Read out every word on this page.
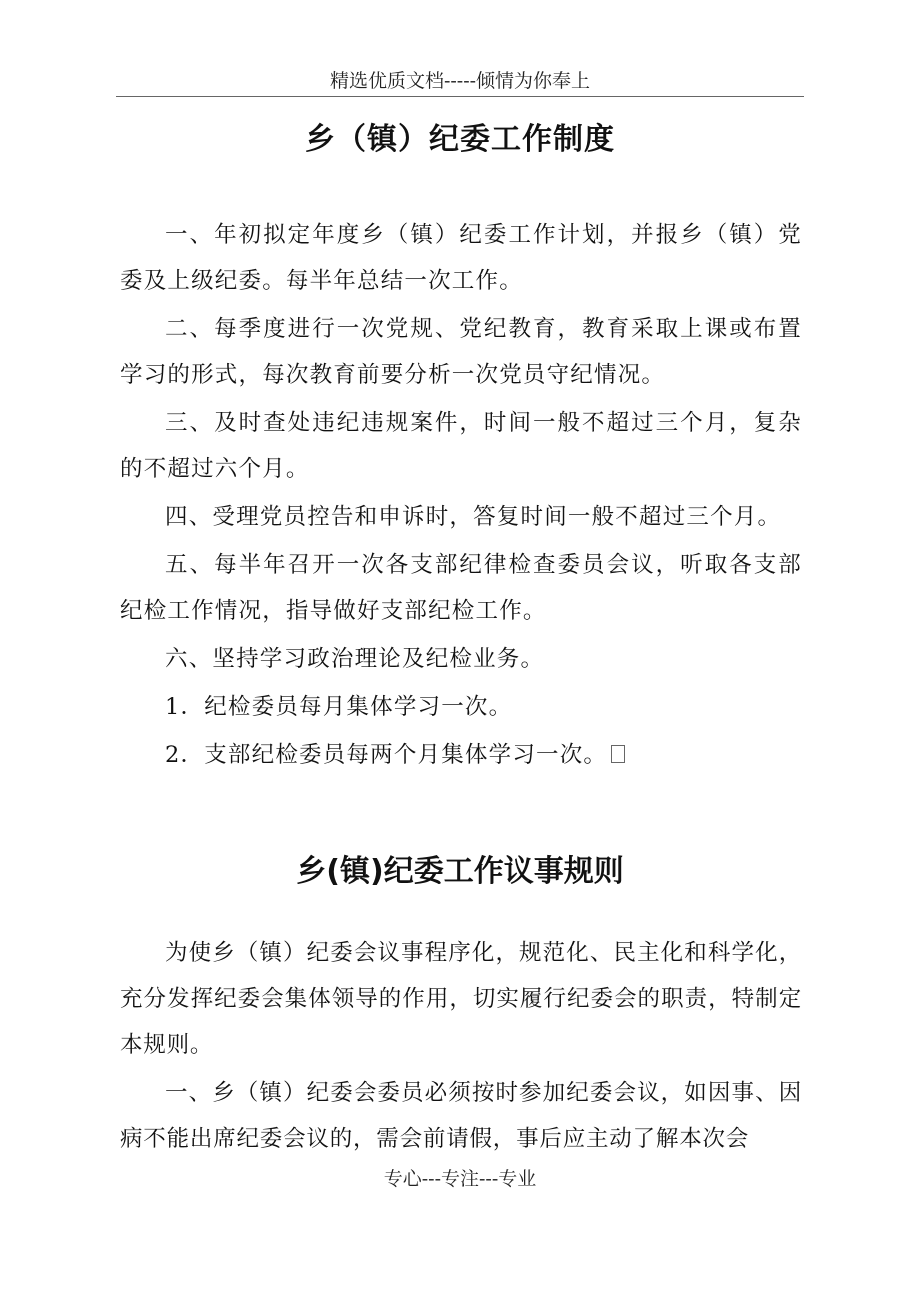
精选优质文档-----倾情为你奉上
乡（镇）纪委工作制度

一、年初拟定年度乡（镇）纪委工作计划，并报乡（镇）党委及上级纪委。每半年总结一次工作。

二、每季度进行一次党规、党纪教育，教育采取上课或布置学习的形式，每次教育前要分析一次党员守纪情况。

三、及时查处违纪违规案件，时间一般不超过三个月，复杂的不超过六个月。

四、受理党员控告和申诉时，答复时间一般不超过三个月。

五、每半年召开一次各支部纪律检查委员会议，听取各支部纪检工作情况，指导做好支部纪检工作。

六、坚持学习政治理论及纪检业务。

1．纪检委员每月集体学习一次。

2．支部纪检委员每两个月集体学习一次。

乡(镇)纪委工作议事规则

为使乡（镇）纪委会议事程序化，规范化、民主化和科学化，充分发挥纪委会集体领导的作用，切实履行纪委会的职责，特制定本规则。

一、乡（镇）纪委会委员必须按时参加纪委会议，如因事、因病不能出席纪委会议的，需会前请假，事后应主动了解本次会

专心---专注---专业
